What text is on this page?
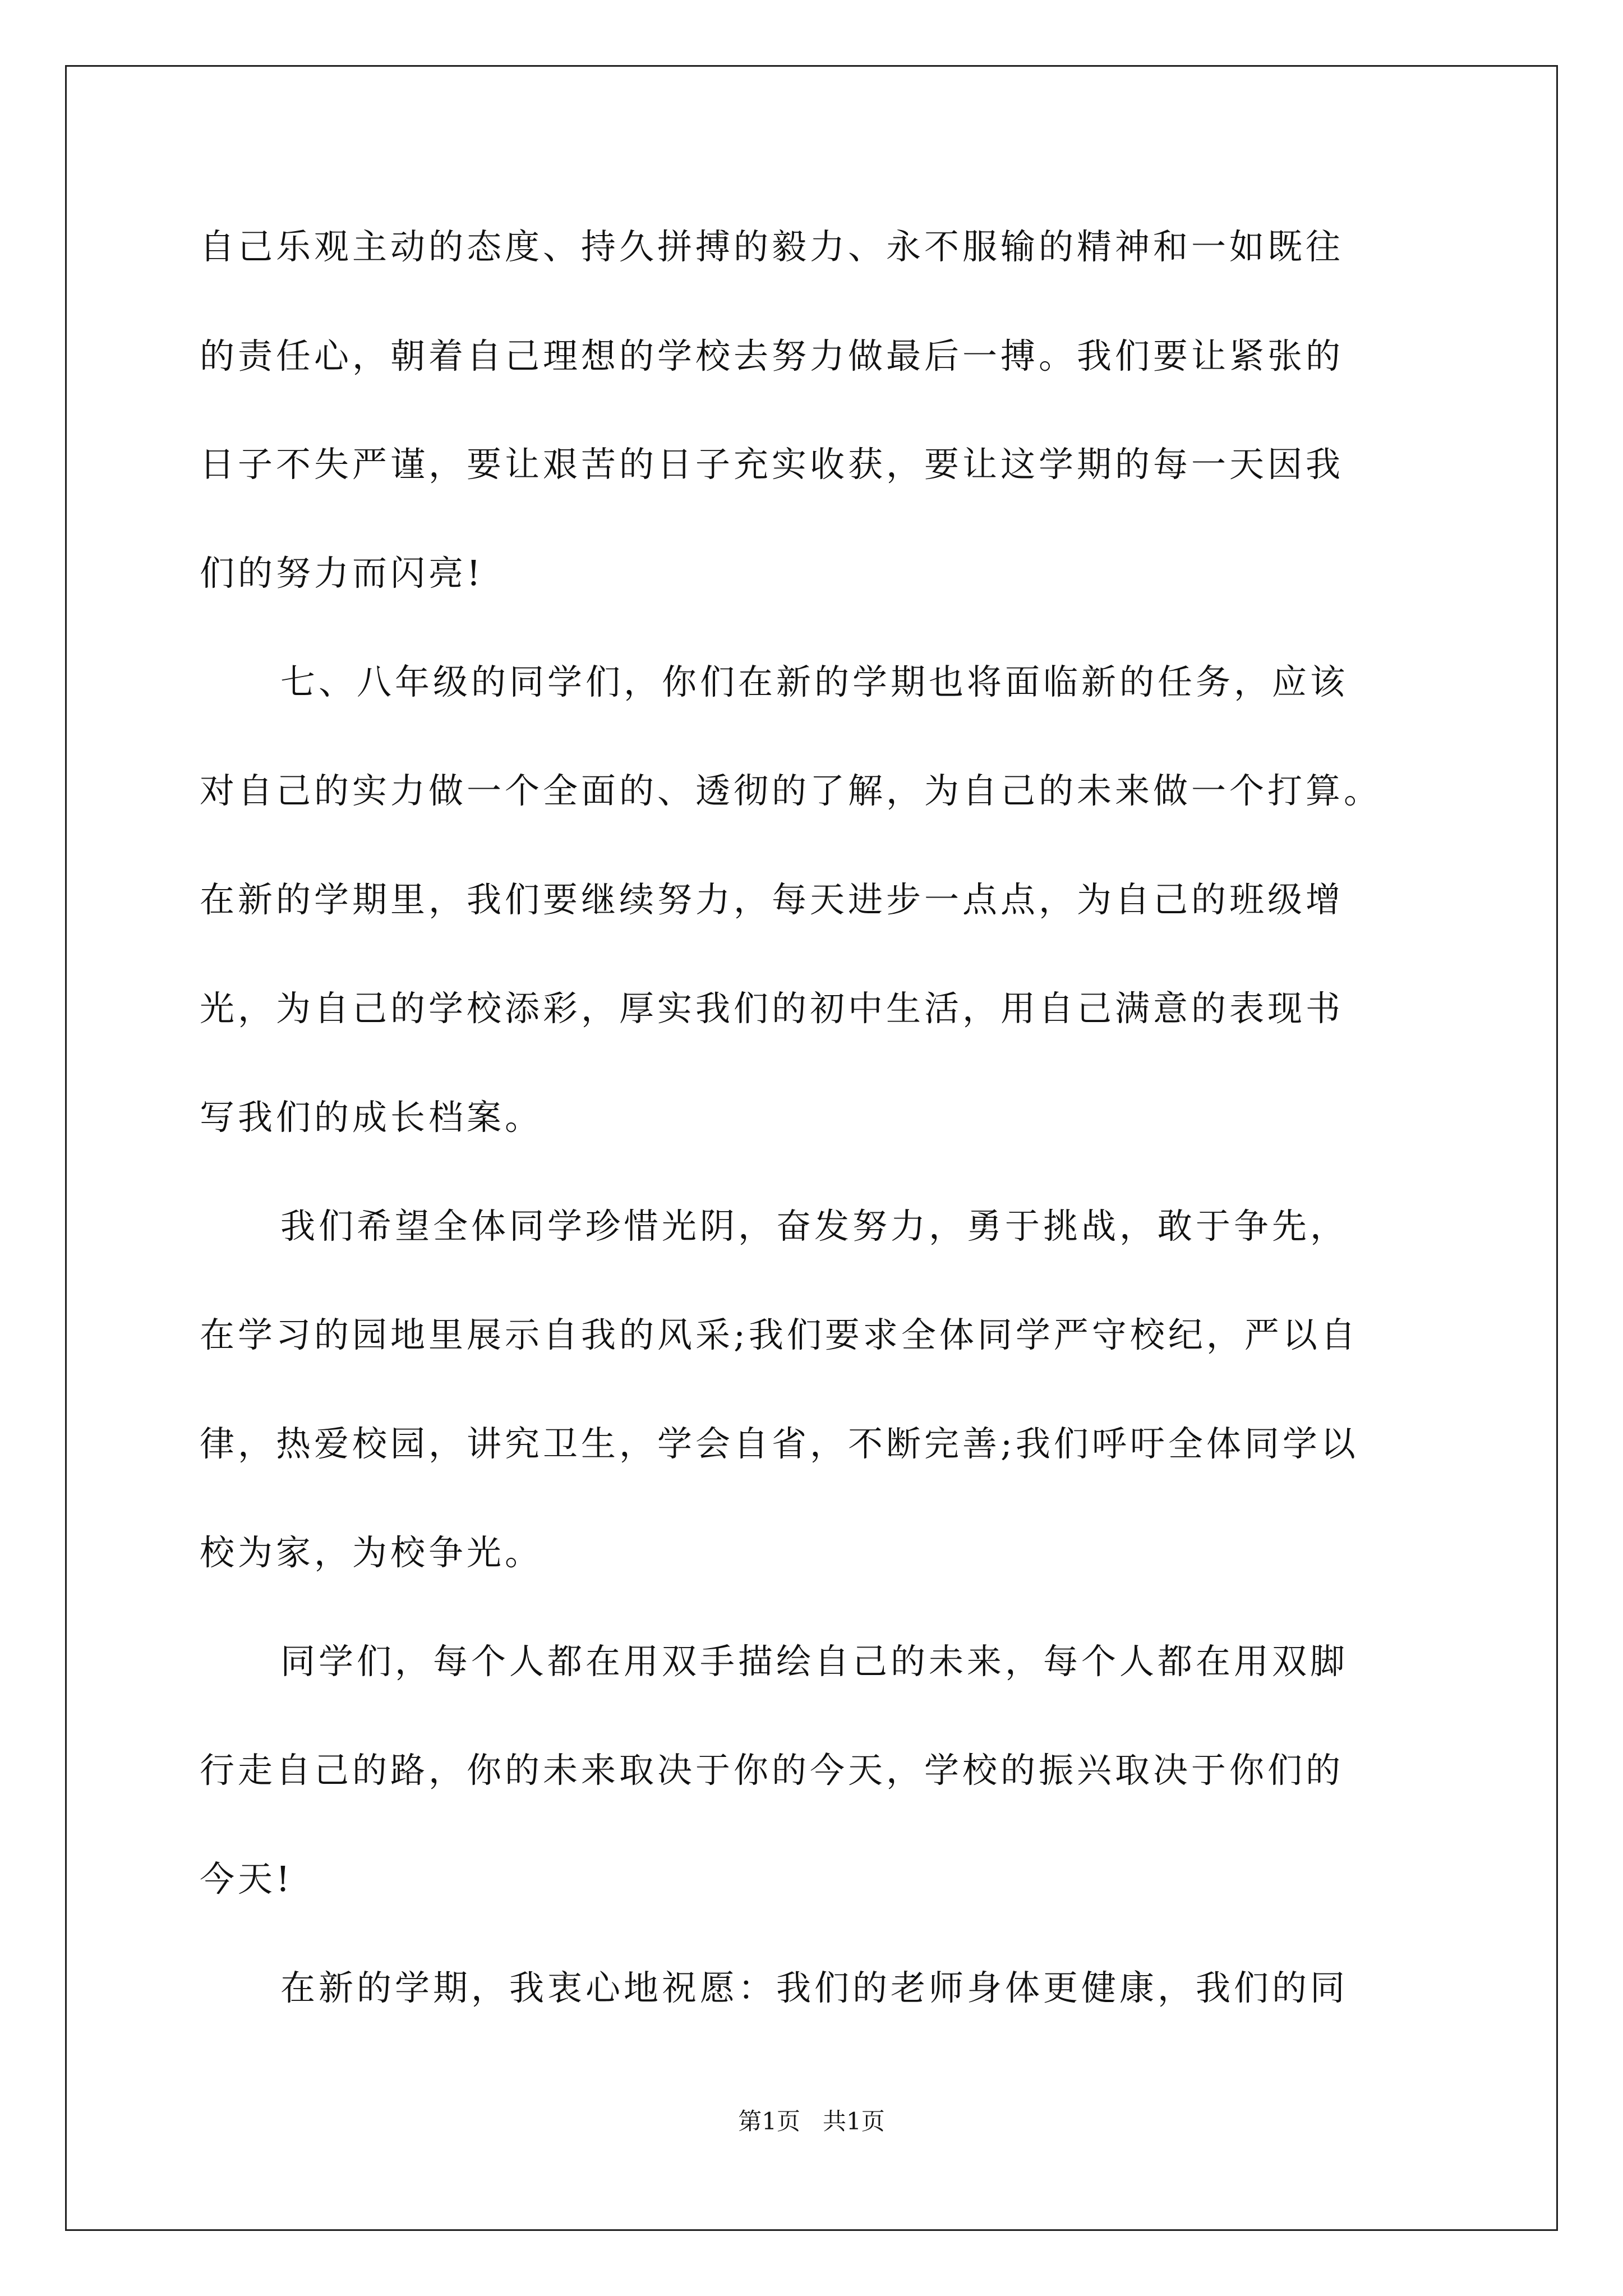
自己乐观主动的态度、持久拼搏的毅力、永不服输的精神和一如既往
的责任心，朝着自己理想的学校去努力做最后一搏。我们要让紧张的
日子不失严谨，要让艰苦的日子充实收获，要让这学期的每一天因我
们的努力而闪亮!
七、八年级的同学们，你们在新的学期也将面临新的任务，应该
对自己的实力做一个全面的、透彻的了解，为自己的未来做一个打算。
在新的学期里，我们要继续努力，每天进步一点点，为自己的班级增
光，为自己的学校添彩，厚实我们的初中生活，用自己满意的表现书
写我们的成长档案。
我们希望全体同学珍惜光阴，奋发努力，勇于挑战，敢于争先，
在学习的园地里展示自我的风采;我们要求全体同学严守校纪，严以自
律，热爱校园，讲究卫生，学会自省，不断完善;我们呼吁全体同学以
校为家，为校争光。
同学们，每个人都在用双手描绘自己的未来，每个人都在用双脚
行走自己的路，你的未来取决于你的今天，学校的振兴取决于你们的
今天!
在新的学期，我衷心地祝愿：我们的老师身体更健康，我们的同
第1页   共1页
